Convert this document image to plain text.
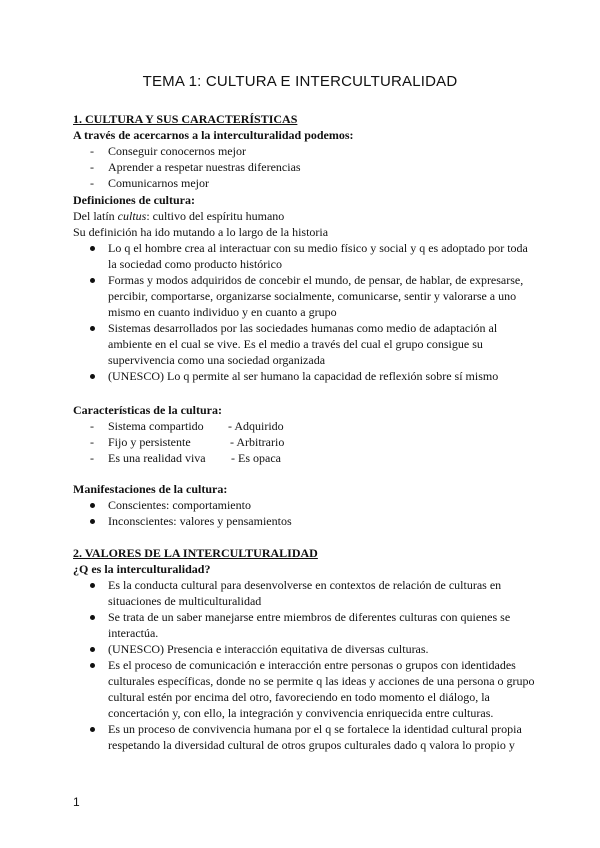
TEMA 1: CULTURA E INTERCULTURALIDAD
1. CULTURA Y SUS CARACTERÍSTICAS
A través de acercarnos a la interculturalidad podemos:
- Conseguir conocernos mejor
- Aprender a respetar nuestras diferencias
- Comunicarnos mejor
Definiciones de cultura:
Del latín cultus: cultivo del espíritu humano
Su definición ha ido mutando a lo largo de la historia
Lo q el hombre crea al interactuar con su medio físico y social y q es adoptado por toda la sociedad como producto histórico
Formas y modos adquiridos de concebir el mundo, de pensar, de hablar, de expresarse, percibir, comportarse, organizarse socialmente, comunicarse, sentir y valorarse a uno mismo en cuanto individuo y en cuanto a grupo
Sistemas desarrollados por las sociedades humanas como medio de adaptación al ambiente en el cual se vive. Es el medio a través del cual el grupo consigue su supervivencia como una sociedad organizada
(UNESCO) Lo q permite al ser humano la capacidad de reflexión sobre sí mismo
Características de la cultura:
- Sistema compartido
- Fijo y persistente
- Es una realidad viva
- Adquirido
- Arbitrario
- Es opaca
Manifestaciones de la cultura:
Conscientes: comportamiento
Inconscientes: valores y pensamientos
2. VALORES DE LA INTERCULTURALIDAD
¿Q es la interculturalidad?
Es la conducta cultural para desenvolverse en contextos de relación de culturas en situaciones de multiculturalidad
Se trata de un saber manejarse entre miembros de diferentes culturas con quienes se interactúa.
(UNESCO) Presencia e interacción equitativa de diversas culturas.
Es el proceso de comunicación e interacción entre personas o grupos con identidades culturales específicas, donde no se permite q las ideas y acciones de una persona o grupo cultural estén por encima del otro, favoreciendo en todo momento el diálogo, la concertación y, con ello, la integración y convivencia enriquecida entre culturas.
Es un proceso de convivencia humana por el q se fortalece la identidad cultural propia respetando la diversidad cultural de otros grupos culturales dado q valora lo propio y
1
